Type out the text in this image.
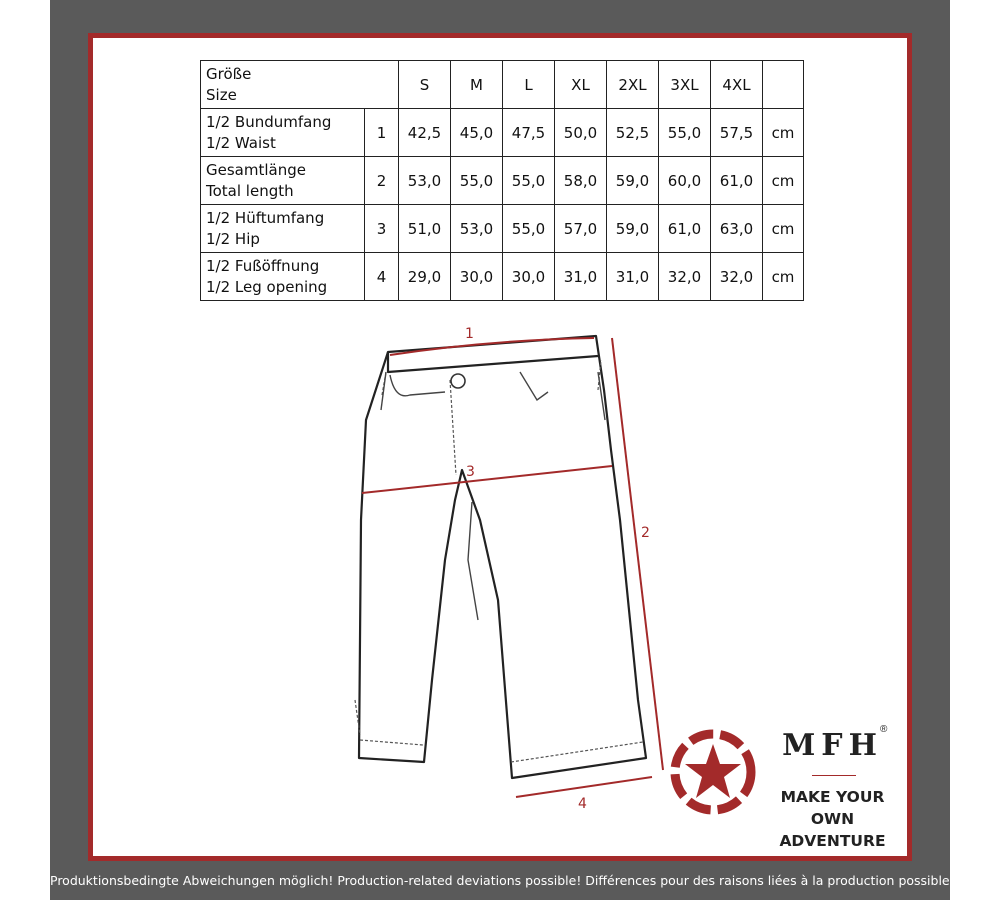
Größe
Size		S	M	L	XL	2XL	3XL	4XL	

1/2 Bundumfang
1/2 Waist	1	42,5	45,0	47,5	50,0	52,5	55,0	57,5	cm

Gesamtlänge
Total length	2	53,0	55,0	55,0	58,0	59,0	60,0	61,0	cm

1/2 Hüftumfang
1/2 Hip	3	51,0	53,0	55,0	57,0	59,0	61,0	63,0	cm

1/2 Fußöffnung
1/2 Leg opening	4	29,0	30,0	30,0	31,0	31,0	32,0	32,0	cm
1
2
3
4
MFH
®
MAKE YOUR OWN
ADVENTURE
Produktionsbedingte Abweichungen möglich! Production-related deviations possible! Différences pour des raisons liées à la production possibles!
